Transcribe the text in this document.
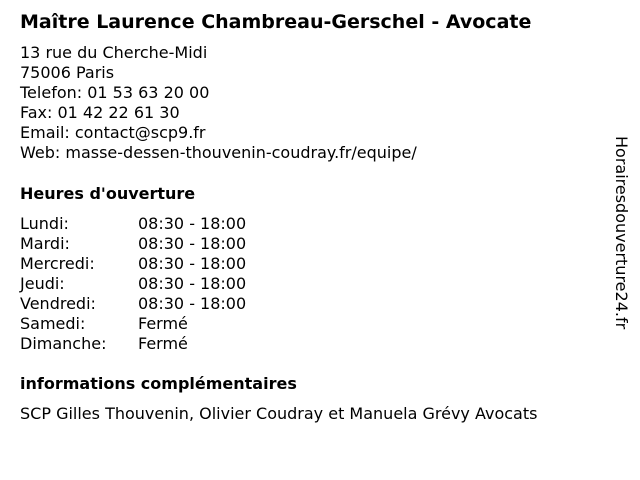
Maître Laurence Chambreau-Gerschel - Avocate
13 rue du Cherche-Midi
75006 Paris
Telefon: 01 53 63 20 00
Fax: 01 42 22 61 30
Email: contact@scp9.fr
Web: masse-dessen-thouvenin-coudray.fr/equipe/
Heures d'ouverture
Lundi:	08:30 - 18:00
Mardi:	08:30 - 18:00
Mercredi:	08:30 - 18:00
Jeudi:	08:30 - 18:00
Vendredi:	08:30 - 18:00
Samedi:	Fermé
Dimanche:	Fermé
informations complémentaires
SCP Gilles Thouvenin, Olivier Coudray et Manuela Grévy Avocats
Horairesdouverture24.fr
